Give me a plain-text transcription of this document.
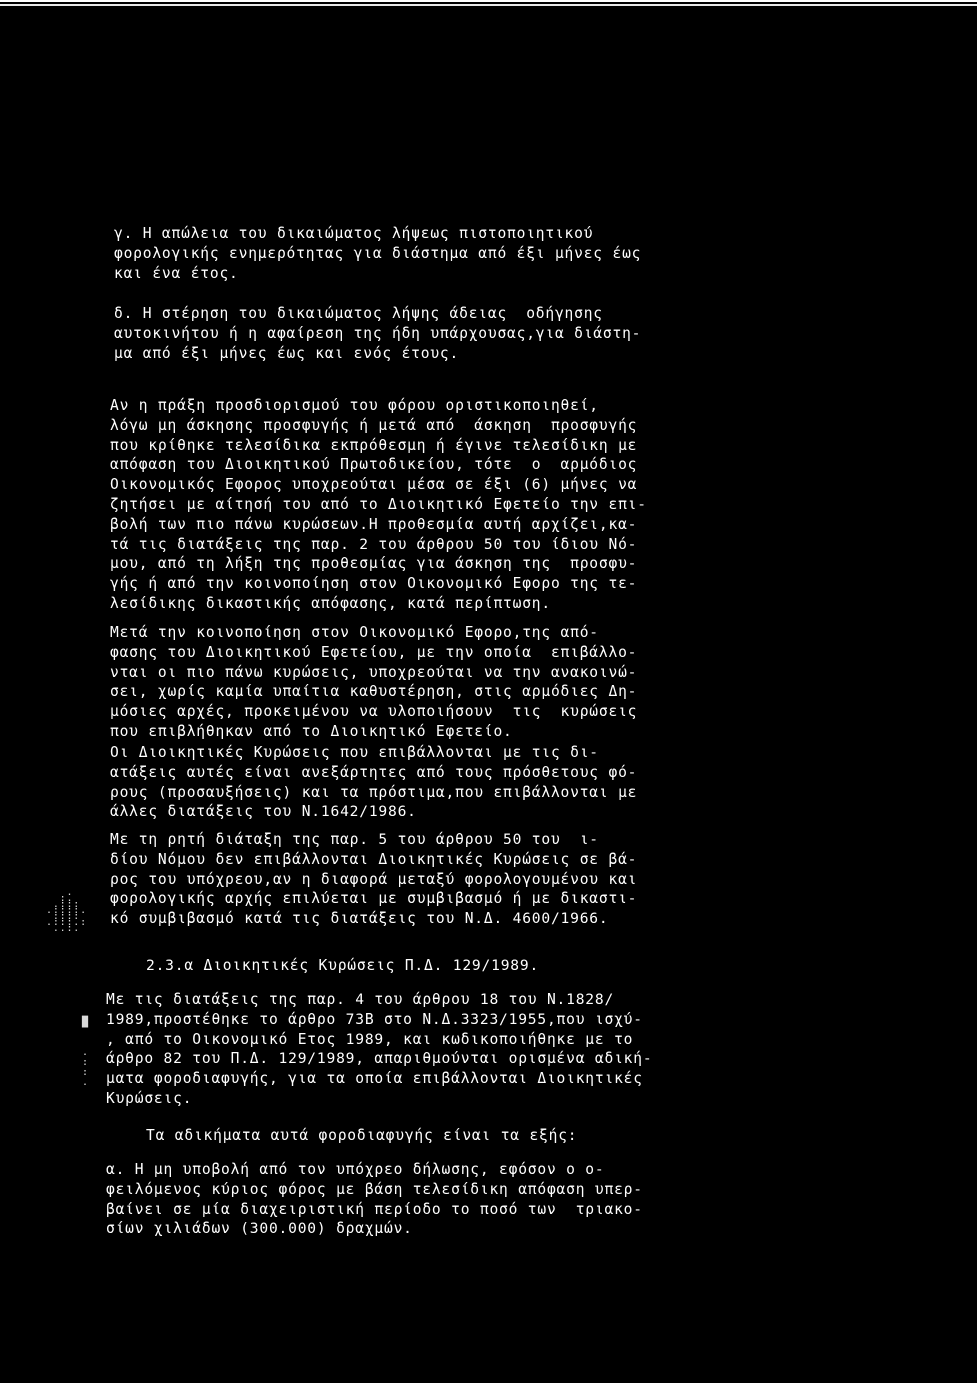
γ. Η απώλεια του δικαιώματος λήψεως πιστοποιητικού
φορολογικής ενημερότητας για διάστημα από έξι μήνες έως
και ένα έτος.

δ. Η στέρηση του δικαιώματος λήψης άδειας  οδήγησης
αυτοκινήτου ή η αφαίρεση της ήδη υπάρχουσας,για διάστη-
μα από έξι μήνες έως και ενός έτους.

Αν η πράξη προσδιορισμού του φόρου οριστικοποιηθεί,
λόγω μη άσκησης προσφυγής ή μετά από  άσκηση  προσφυγής
που κρίθηκε τελεσίδικα εκπρόθεσμη ή έγινε τελεσίδικη με
απόφαση του Διοικητικού Πρωτοδικείου, τότε  ο  αρμόδιος
Οικονομικός Εφορος υποχρεούται μέσα σε έξι (6) μήνες να
ζητήσει με αίτησή του από το Διοικητικό Εφετείο την επι-
βολή των πιο πάνω κυρώσεων.Η προθεσμία αυτή αρχίζει,κα-
τά τις διατάξεις της παρ. 2 του άρθρου 50 του ίδιου Νό-
μου, από τη λήξη της προθεσμίας για άσκηση της  προσφυ-
γής ή από την κοινοποίηση στον Οικονομικό Εφορο της τε-
λεσίδικης δικαστικής απόφασης, κατά περίπτωση.

Μετά την κοινοποίηση στον Οικονομικό Εφορο,της από-
φασης του Διοικητικού Εφετείου, με την οποία  επιβάλλο-
νται οι πιο πάνω κυρώσεις, υποχρεούται να την ανακοινώ-
σει, χωρίς καμία υπαίτια καθυστέρηση, στις αρμόδιες Δη-
μόσιες αρχές, προκειμένου να υλοποιήσουν  τις  κυρώσεις
που επιβλήθηκαν από το Διοικητικό Εφετείο.

Οι Διοικητικές Κυρώσεις που επιβάλλονται με τις δι-
ατάξεις αυτές είναι ανεξάρτητες από τους πρόσθετους φό-
ρους (προσαυξήσεις) και τα πρόστιμα,που επιβάλλονται με
άλλες διατάξεις του Ν.1642/1986.

Με τη ρητή διάταξη της παρ. 5 του άρθρου 50 του  ι-
δίου Νόμου δεν επιβάλλονται Διοικητικές Κυρώσεις σε βά-
ρος του υπόχρεου,αν η διαφορά μεταξύ φορολογουμένου και
φορολογικής αρχής επιλύεται με συμβιβασμό ή με δικαστι-
κό συμβιβασμό κατά τις διατάξεις του Ν.Δ. 4600/1966.

.
:.
.:::
.::::.
::::
.:::.:
..:.

2.3.α Διοικητικές Κυρώσεις Π.Δ. 129/1989.

Με τις διατάξεις της παρ. 4 του άρθρου 18 του Ν.1828/
1989,προστέθηκε το άρθρο 73Β στο Ν.Δ.3323/1955,που ισχύ-
, από το Οικονομικό Ετος 1989, και κωδικοποιήθηκε με το
άρθρο 82 του Π.Δ. 129/1989, απαριθμούνται ορισμένα αδική-
ματα φοροδιαφυγής, για τα οποία επιβάλλονται Διοικητικές
Κυρώσεις.

█

.
:
:
.

Τα αδικήματα αυτά φοροδιαφυγής είναι τα εξής:

α. Η μη υποβολή από τον υπόχρεο δήλωσης, εφόσον ο ο-
φειλόμενος κύριος φόρος με βάση τελεσίδικη απόφαση υπερ-
βαίνει σε μία διαχειριστική περίοδο το ποσό των  τριακο-
σίων χιλιάδων (300.000) δραχμών.
